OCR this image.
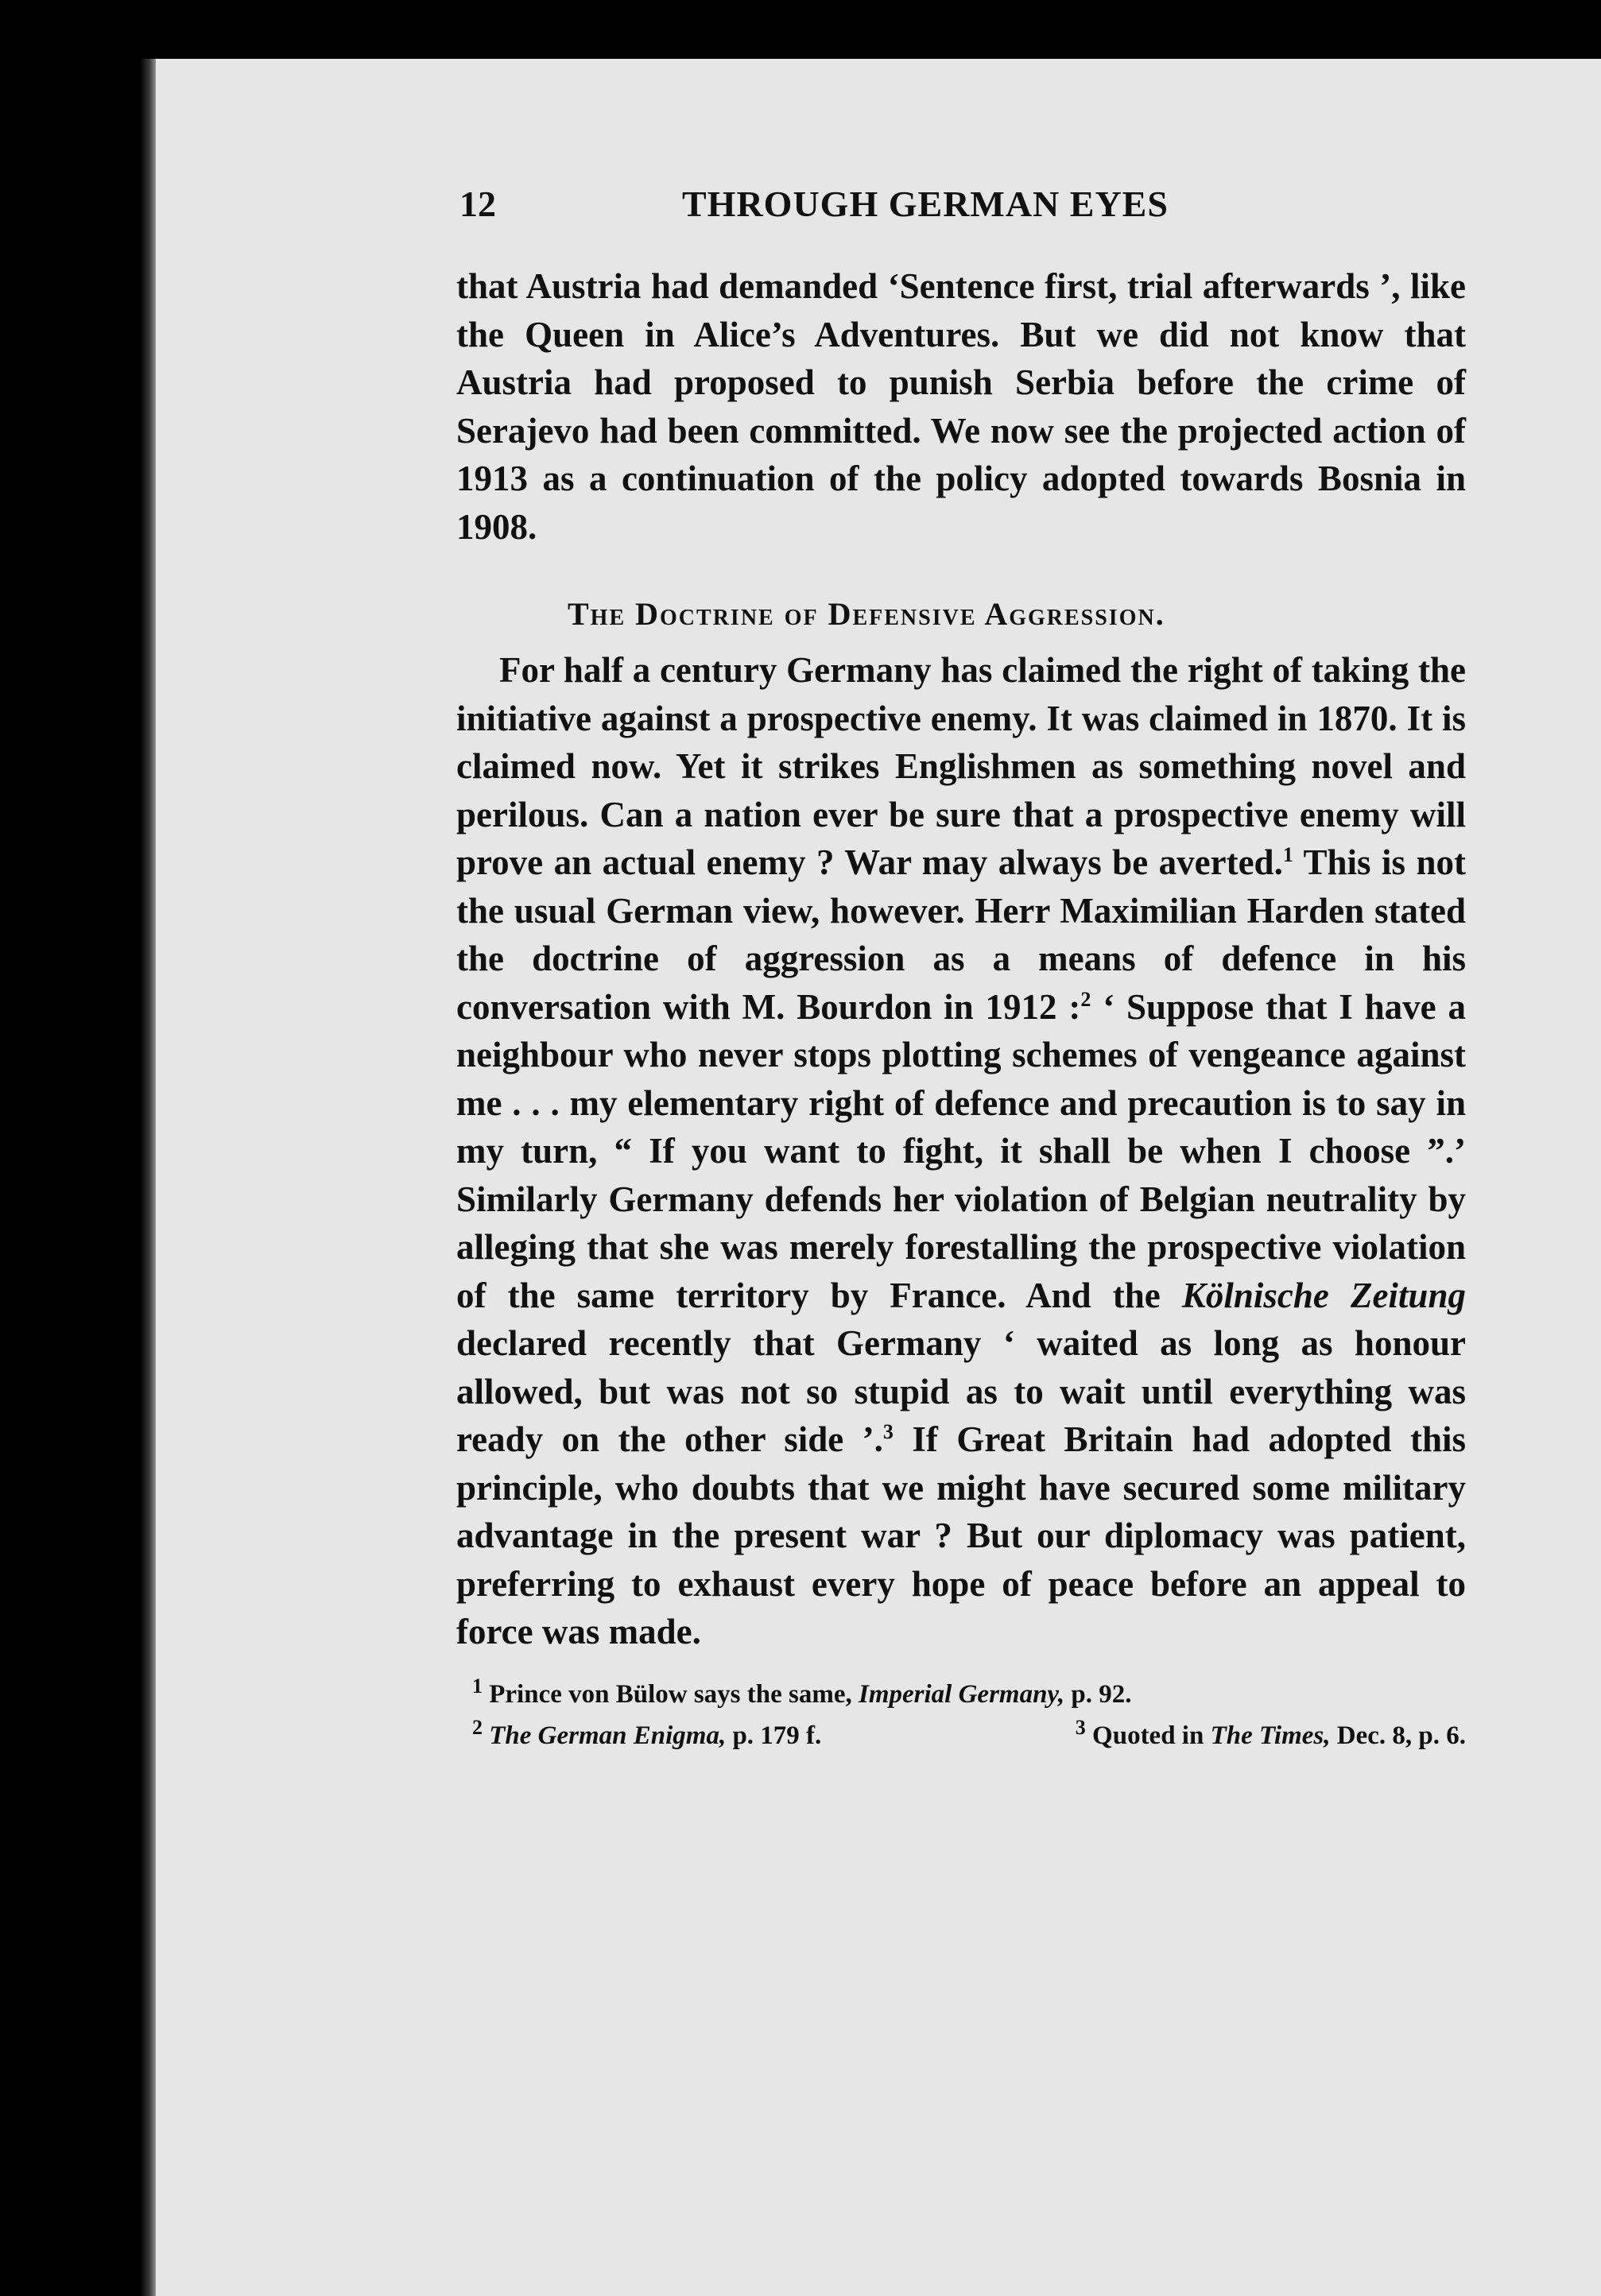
12	THROUGH GERMAN EYES

that Austria had demanded ‘Sentence first, trial afterwards ’, like the Queen in Alice’s Adventures. But we did not know that Austria had proposed to punish Serbia before the crime of Serajevo had been committed. We now see the projected action of 1913 as a continuation of the policy adopted towards Bosnia in 1908.

The Doctrine of Defensive Aggression.

For half a century Germany has claimed the right of taking the initiative against a prospective enemy. It was claimed in 1870. It is claimed now. Yet it strikes Englishmen as something novel and perilous. Can a nation ever be sure that a prospective enemy will prove an actual enemy ? War may always be averted.$^1$ This is not the usual German view, however. Herr Maximilian Harden stated the doctrine of aggression as a means of defence in his conversation with M. Bourdon in 1912 :$^2$ ‘ Suppose that I have a neighbour who never stops plotting schemes of vengeance against me . . . my elementary right of defence and precaution is to say in my turn, “ If you want to fight, it shall be when I choose ”.’ Similarly Germany defends her violation of Belgian neutrality by alleging that she was merely forestalling the prospective violation of the same territory by France. And the Kölnische Zeitung declared recently that Germany ‘ waited as long as honour allowed, but was not so stupid as to wait until everything was ready on the other side ’.$^3$ If Great Britain had adopted this principle, who doubts that we might have secured some military advantage in the present war ? But our diplomacy was patient, preferring to exhaust every hope of peace before an appeal to force was made.

$^1$ Prince von Bülow says the same, Imperial Germany, p. 92.
$^2$ The German Enigma, p. 179 f.	$^3$ Quoted in The Times, Dec. 8, p. 6.
